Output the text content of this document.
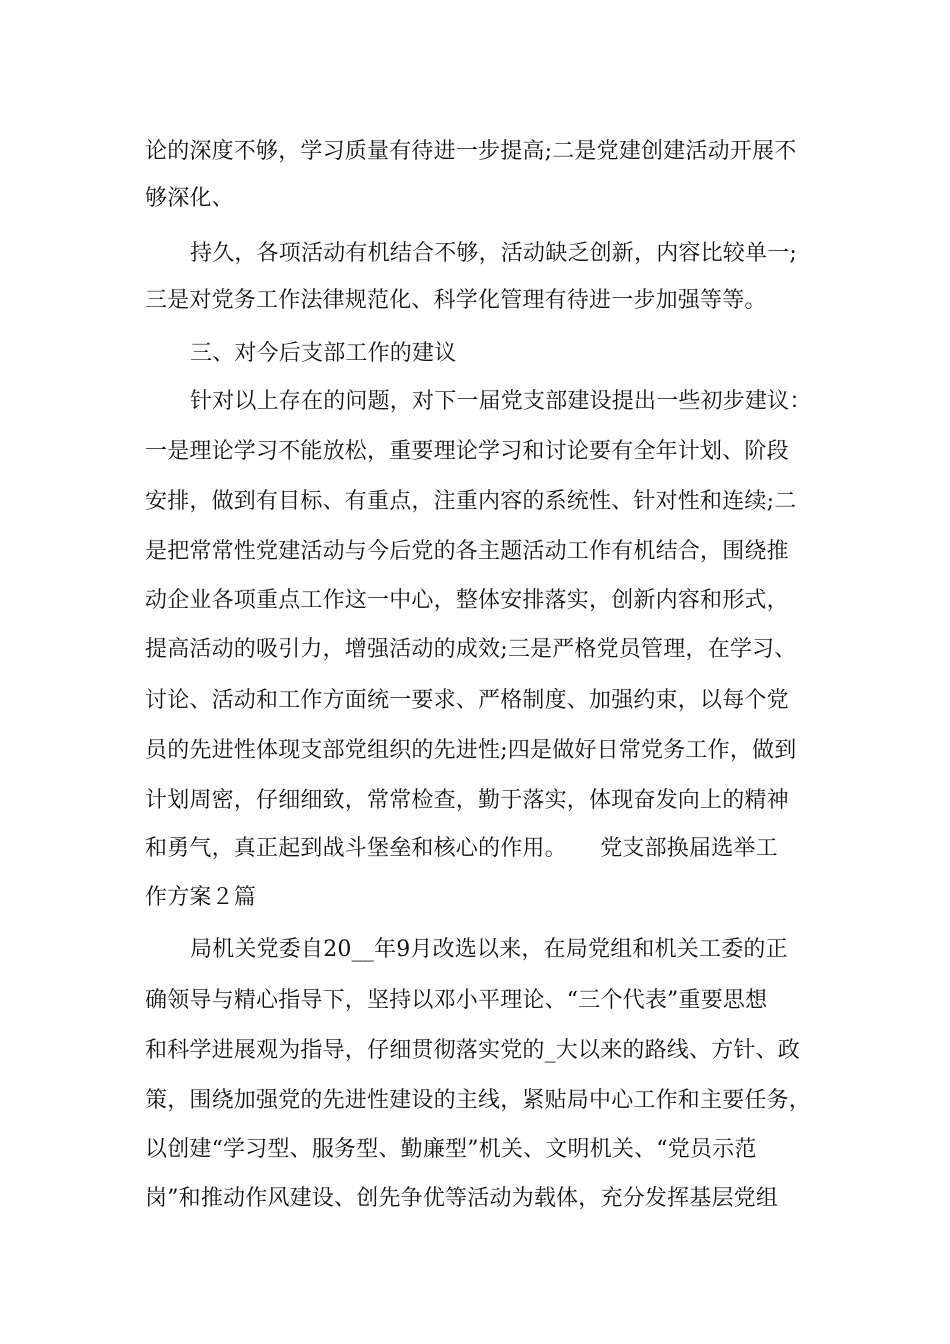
论的深度不够，学习质量有待进一步提高;二是党建创建活动开展不
够深化、
持久，各项活动有机结合不够，活动缺乏创新，内容比较单一;
三是对党务工作法律规范化、科学化管理有待进一步加强等等。
三、对今后支部工作的建议
针对以上存在的问题，对下一届党支部建设提出一些初步建议：
一是理论学习不能放松，重要理论学习和讨论要有全年计划、阶段
安排，做到有目标、有重点，注重内容的系统性、针对性和连续;二
是把常常性党建活动与今后党的各主题活动工作有机结合，围绕推
动企业各项重点工作这一中心，整体安排落实，创新内容和形式，
提高活动的吸引力，增强活动的成效;三是严格党员管理，在学习、
讨论、活动和工作方面统一要求、严格制度、加强约束，以每个党
员的先进性体现支部党组织的先进性;四是做好日常党务工作，做到
计划周密，仔细细致，常常检查，勤于落实，体现奋发向上的精神
和勇气，真正起到战斗堡垒和核心的作用。　　党支部换届选举工
作方案２篇
局机关党委自20__年9月改选以来，在局党组和机关工委的正
确领导与精心指导下，坚持以邓小平理论、“三个代表”重要思想
和科学进展观为指导，仔细贯彻落实党的_大以来的路线、方针、政
策，围绕加强党的先进性建设的主线，紧贴局中心工作和主要任务，
以创建“学习型、服务型、勤廉型”机关、文明机关、“党员示范
岗”和推动作风建设、创先争优等活动为载体，充分发挥基层党组
